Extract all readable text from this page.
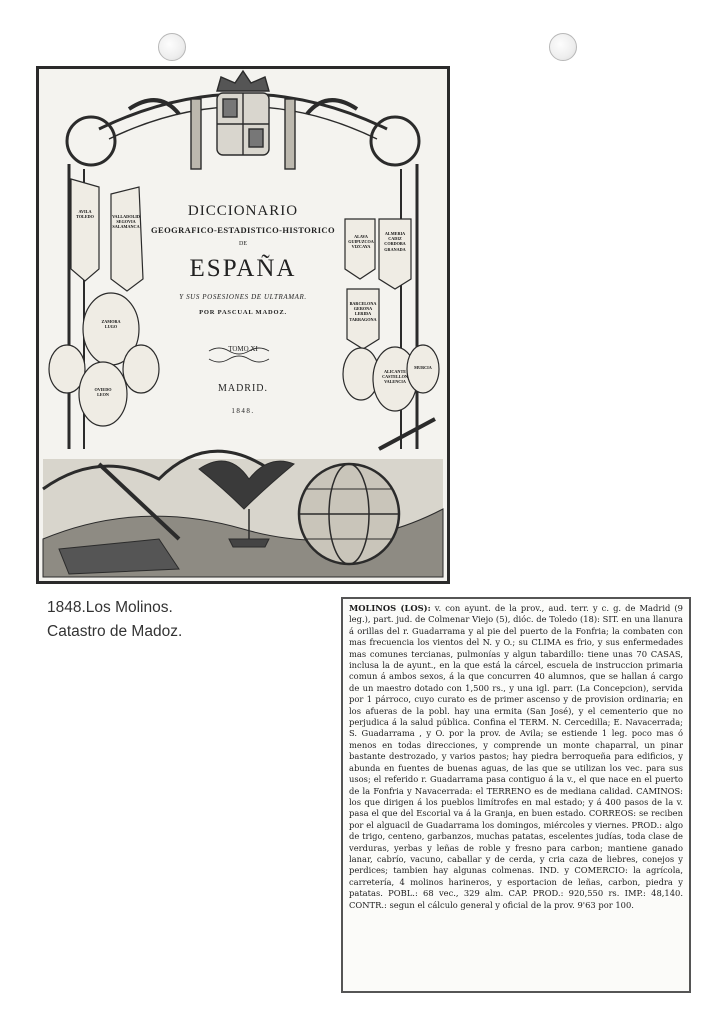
DICCIONARIO
GEOGRAFICO-ESTADISTICO-HISTORICO
DE
ESPAÑA
Y SUS POSESIONES DE ULTRAMAR.
POR PASCUAL MADOZ.
TOMO XI
MADRID.
1848.
AVILA
TOLEDO	VALLADOLID
SEGOVIA
SALAMANCA
ZAMORA
LUGO
OVIEDO
LEON
ALAVA
GUIPUZCOA
VIZCAYA
ALMERIA
CADIZ
CORDOBA
GRANADA
BARCELONA
GERONA
LERIDA
TARRAGONA
ALICANTE
CASTELLON
VALENCIA
MURCIA
1848.Los Molinos.
Catastro de Madoz.

MOLINOS (LOS): v. con ayunt. de la prov., aud. terr. y c. g. de Madrid (9 leg.), part. jud. de Colmenar Viejo (5), dióc. de Toledo (18): SIT. en una llanura á orillas del r. Guadarrama y al pie del puerto de la Fonfria; la combaten con mas frecuencia los vientos del N. y O.; su CLIMA es frio, y sus enfermedades mas comunes tercianas, pulmonías y algun tabardillo: tiene unas 70 CASAS, inclusa la de ayunt., en la que está la cárcel, escuela de instruccion primaria comun á ambos sexos, á la que concurren 40 alumnos, que se hallan á cargo de un maestro dotado con 1,500 rs., y una igl. parr. (La Concepcion), servida por 1 párroco, cuyo curato es de primer ascenso y de provision ordinaria; en los afueras de la pobl. hay una ermita (San José), y el cementerio que no perjudica á la salud pública. Confina el TERM. N. Cercedilla; E. Navacerrada; S. Guadarrama , y O. por la prov. de Avila; se estiende 1 leg. poco mas ó menos en todas direcciones, y comprende un monte chaparral, un pinar bastante destrozado, y varios pastos; hay piedra berroqueña para edificios, y abunda en fuentes de buenas aguas, de las que se utilizan los vec. para sus usos; el referido r. Guadarrama pasa contiguo á la v., el que nace en el puerto de la Fonfria y Navacerrada: el TERRENO es de mediana calidad. CAMINOS: los que dirigen á los pueblos limítrofes en mal estado; y á 400 pasos de la v. pasa el que del Escorial va á la Granja, en buen estado. CORREOS: se reciben por el alguacil de Guadarrama los domingos, miércoles y viernes. PROD.: algo de trigo, centeno, garbanzos, muchas patatas, escelentes judías, toda clase de verduras, yerbas y leñas de roble y fresno para carbon; mantiene ganado lanar, cabrío, vacuno, caballar y de cerda, y cria caza de liebres, conejos y perdices; tambien hay algunas colmenas. IND. y COMERCIO: la agrícola, carretería, 4 molinos harineros, y esportacion de leñas, carbon, piedra y patatas. POBL.: 68 vec., 329 alm. CAP. PROD.: 920,550 rs. IMP.: 48,140. CONTR.: segun el cálculo general y oficial de la prov. 9'63 por 100.
